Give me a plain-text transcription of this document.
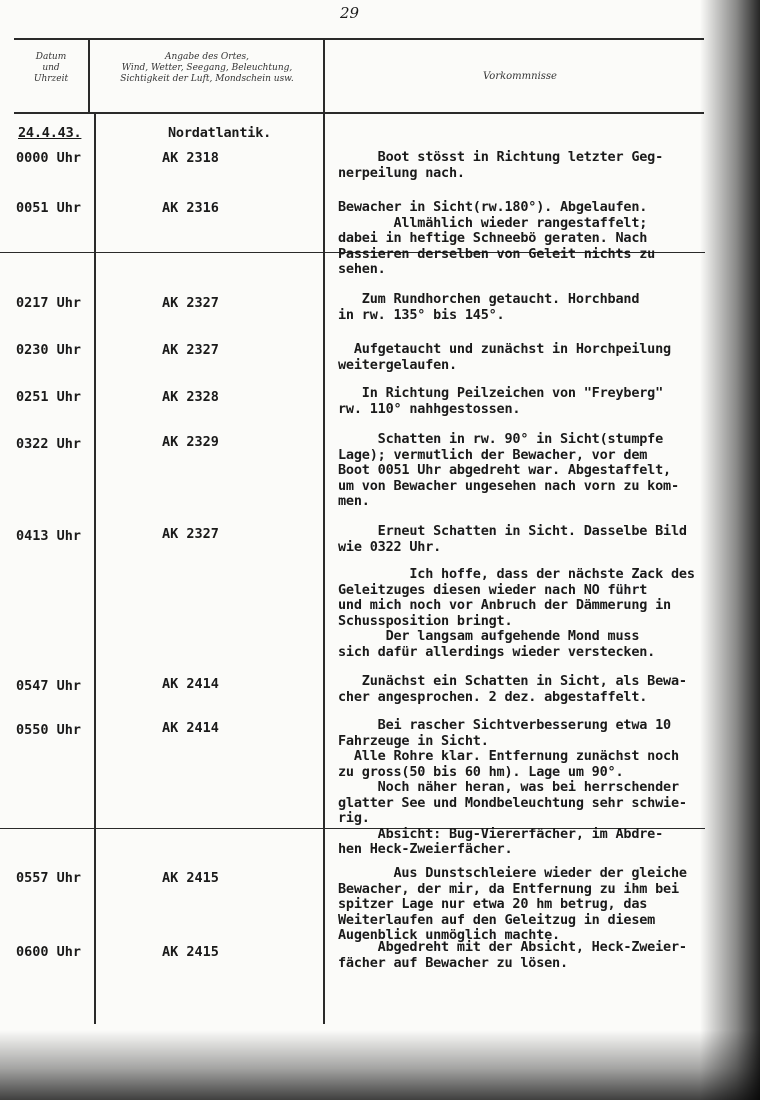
29
Datum
und
Uhrzeit
Angabe des Ortes,
Wind, Wetter, Seegang, Beleuchtung,
Sichtigkeit der Luft, Mondschein usw.	Vorkommnisse
24.4.43.	Nordatlantik.
0000 Uhr	AK 2318	Boot stösst in Richtung letzter Geg-
nerpeilung nach.
0051 Uhr	AK 2316	Bewacher in Sicht(rw.180°). Abgelaufen.
Allmählich wieder rangestaffelt;
dabei in heftige Schneebö geraten. Nach
Passieren derselben von Geleit nichts zu
sehen.
0217 Uhr	AK 2327	Zum Rundhorchen getaucht. Horchband
in rw. 135° bis 145°.
0230 Uhr	AK 2327	Aufgetaucht und zunächst in Horchpeilung
weitergelaufen.
0251 Uhr	AK 2328	In Richtung Peilzeichen von "Freyberg"
rw. 110° nahhgestossen.
0322 Uhr	AK 2329	Schatten in rw. 90° in Sicht(stumpfe
Lage); vermutlich der Bewacher, vor dem
Boot 0051 Uhr abgedreht war. Abgestaffelt,
um von Bewacher ungesehen nach vorn zu kom-
men.
0413 Uhr	AK 2327	Erneut Schatten in Sicht. Dasselbe Bild
wie 0322 Uhr.
Ich hoffe, dass der nächste Zack des
Geleitzuges diesen wieder nach NO führt
und mich noch vor Anbruch der Dämmerung in
Schussposition bringt.
Der langsam aufgehende Mond muss
sich dafür allerdings wieder verstecken.
0547 Uhr	AK 2414	Zunächst ein Schatten in Sicht, als Bewa-
cher angesprochen. 2 dez. abgestaffelt.
0550 Uhr	AK 2414	Bei rascher Sichtverbesserung etwa 10
Fahrzeuge in Sicht.
Alle Rohre klar. Entfernung zunächst noch
zu gross(50 bis 60 hm). Lage um 90°.
Noch näher heran, was bei herrschender
glatter See und Mondbeleuchtung sehr schwie-
rig.
Absicht: Bug-Viererfächer, im Abdre-
hen Heck-Zweierfächer.
0557 Uhr	AK 2415	Aus Dunstschleiere wieder der gleiche
Bewacher, der mir, da Entfernung zu ihm bei
spitzer Lage nur etwa 20 hm betrug, das
Weiterlaufen auf den Geleitzug in diesem
Augenblick unmöglich machte.
0600 Uhr	AK 2415	Abgedreht mit der Absicht, Heck-Zweier-
fächer auf Bewacher zu lösen.
